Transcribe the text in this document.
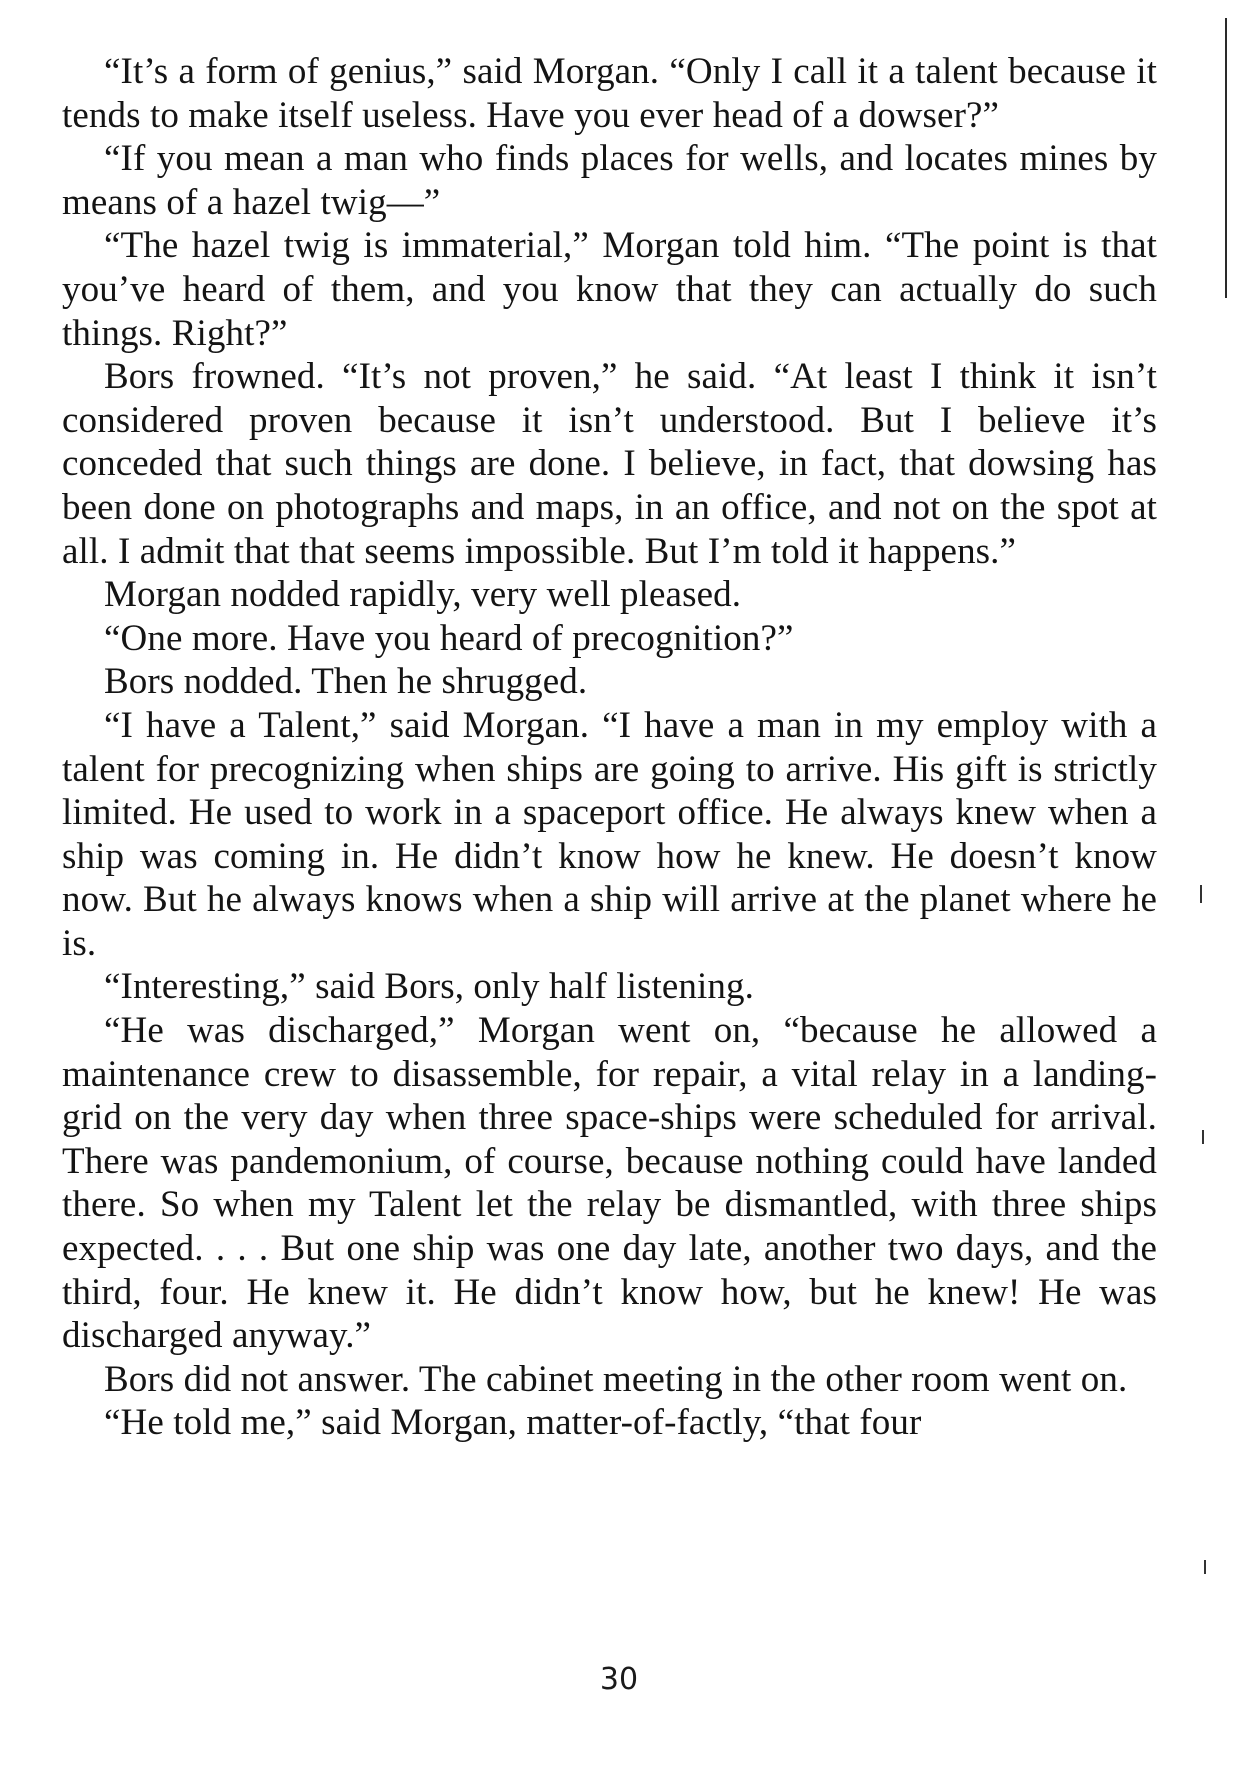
“It’s a form of genius,” said Morgan. “Only I call it a talent because it tends to make itself useless. Have you ever head of a dowser?”

“If you mean a man who finds places for wells, and locates mines by means of a hazel twig—”

“The hazel twig is immaterial,” Morgan told him. “The point is that you’ve heard of them, and you know that they can actually do such things. Right?”

Bors frowned. “It’s not proven,” he said. “At least I think it isn’t considered proven because it isn’t understood. But I believe it’s conceded that such things are done. I believe, in fact, that dowsing has been done on photographs and maps, in an office, and not on the spot at all. I admit that that seems impossible. But I’m told it happens.”

Morgan nodded rapidly, very well pleased.

“One more. Have you heard of precognition?”

Bors nodded. Then he shrugged.

“I have a Talent,” said Morgan. “I have a man in my employ with a talent for precognizing when ships are going to arrive. His gift is strictly limited. He used to work in a spaceport office. He always knew when a ship was coming in. He didn’t know how he knew. He doesn’t know now. But he always knows when a ship will arrive at the planet where he is.

“Interesting,” said Bors, only half listening.

“He was discharged,” Morgan went on, “because he allowed a maintenance crew to disassemble, for repair, a vital relay in a landing-grid on the very day when three space-ships were scheduled for arrival. There was pandemonium, of course, because nothing could have landed there. So when my Talent let the relay be dismantled, with three ships expected. . . . But one ship was one day late, another two days, and the third, four. He knew it. He didn’t know how, but he knew! He was discharged anyway.”

Bors did not answer. The cabinet meeting in the other room went on.

“He told me,” said Morgan, matter-of-factly, “that four

30
